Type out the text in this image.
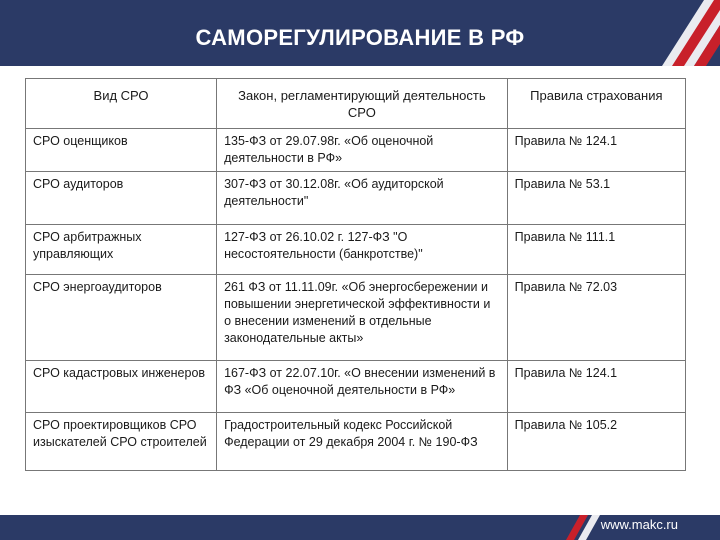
САМОРЕГУЛИРОВАНИЕ В РФ
Вид СРО	Закон, регламентирующий деятельность СРО	Правила страхования
СРО оценщиков	135-ФЗ от 29.07.98г. «Об оценочной деятельности в РФ»	Правила № 124.1
СРО аудиторов	307-ФЗ от 30.12.08г. «Об аудиторской деятельности"	Правила № 53.1
СРО арбитражных управляющих	127-ФЗ от 26.10.02 г. 127-ФЗ "О несостоятельности (банкротстве)"	Правила № 111.1
СРО энергоаудиторов	261 ФЗ от 11.11.09г. «Об энергосбережении и повышении энергетической эффективности и о внесении изменений в отдельные законодательные акты»	Правила № 72.03
СРО кадастровых инженеров	167-ФЗ от 22.07.10г. «О внесении изменений в ФЗ «Об оценочной деятельности в РФ»	Правила № 124.1
СРО проектировщиков СРО изыскателей СРО строителей	Градостроительный кодекс Российской Федерации от 29 декабря 2004 г. № 190-ФЗ	Правила № 105.2
www.makc.ru
